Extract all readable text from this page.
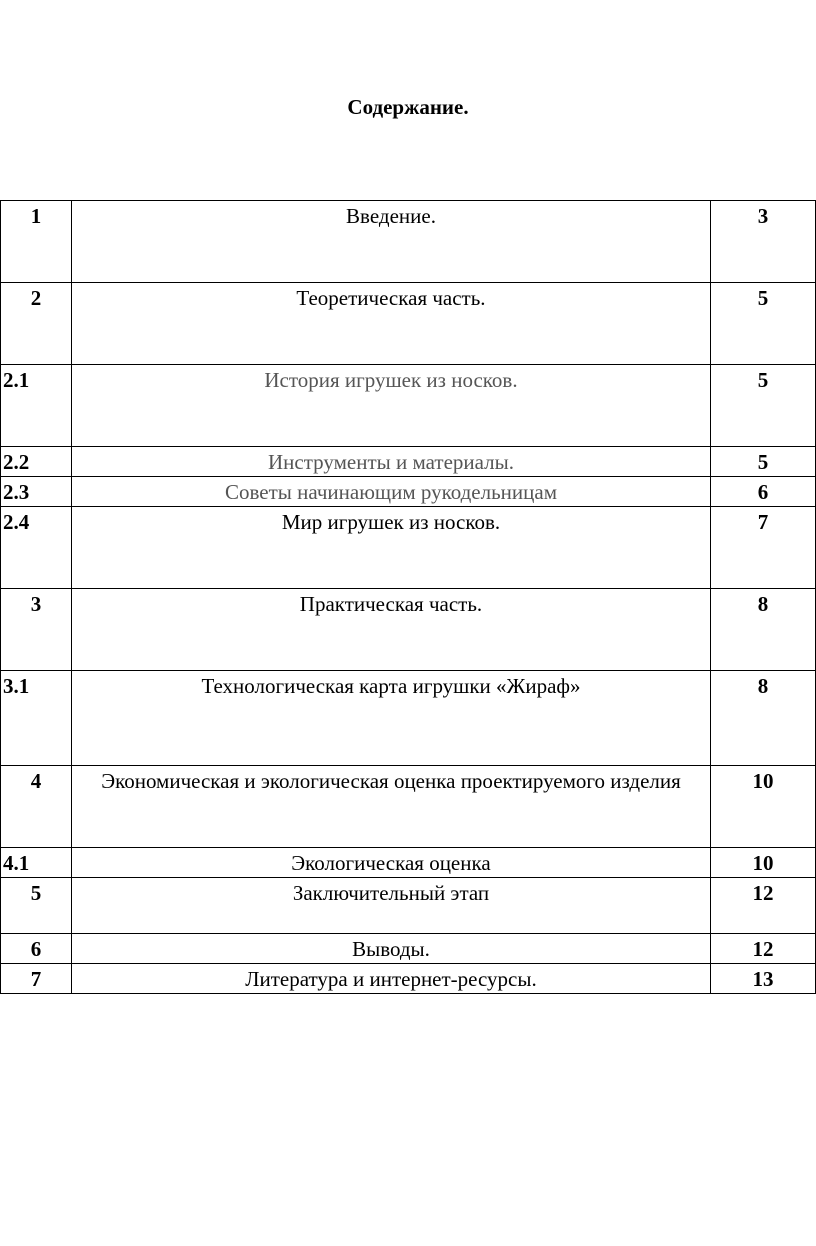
Содержание.
1	Введение.	3
2	Теоретическая часть.	5
2.1	История игрушек из носков.	5
2.2	Инструменты и материалы.	5
2.3	Советы начинающим рукодельницам	6
2.4	Мир игрушек из носков.	7
3	Практическая часть.	8
3.1	Технологическая карта игрушки «Жираф»	8
4	Экономическая и экологическая оценка проектируемого изделия	10
4.1	Экологическая оценка	10
5	Заключительный этап	12
6	Выводы.	12
7	Литература и интернет-ресурсы.	13
